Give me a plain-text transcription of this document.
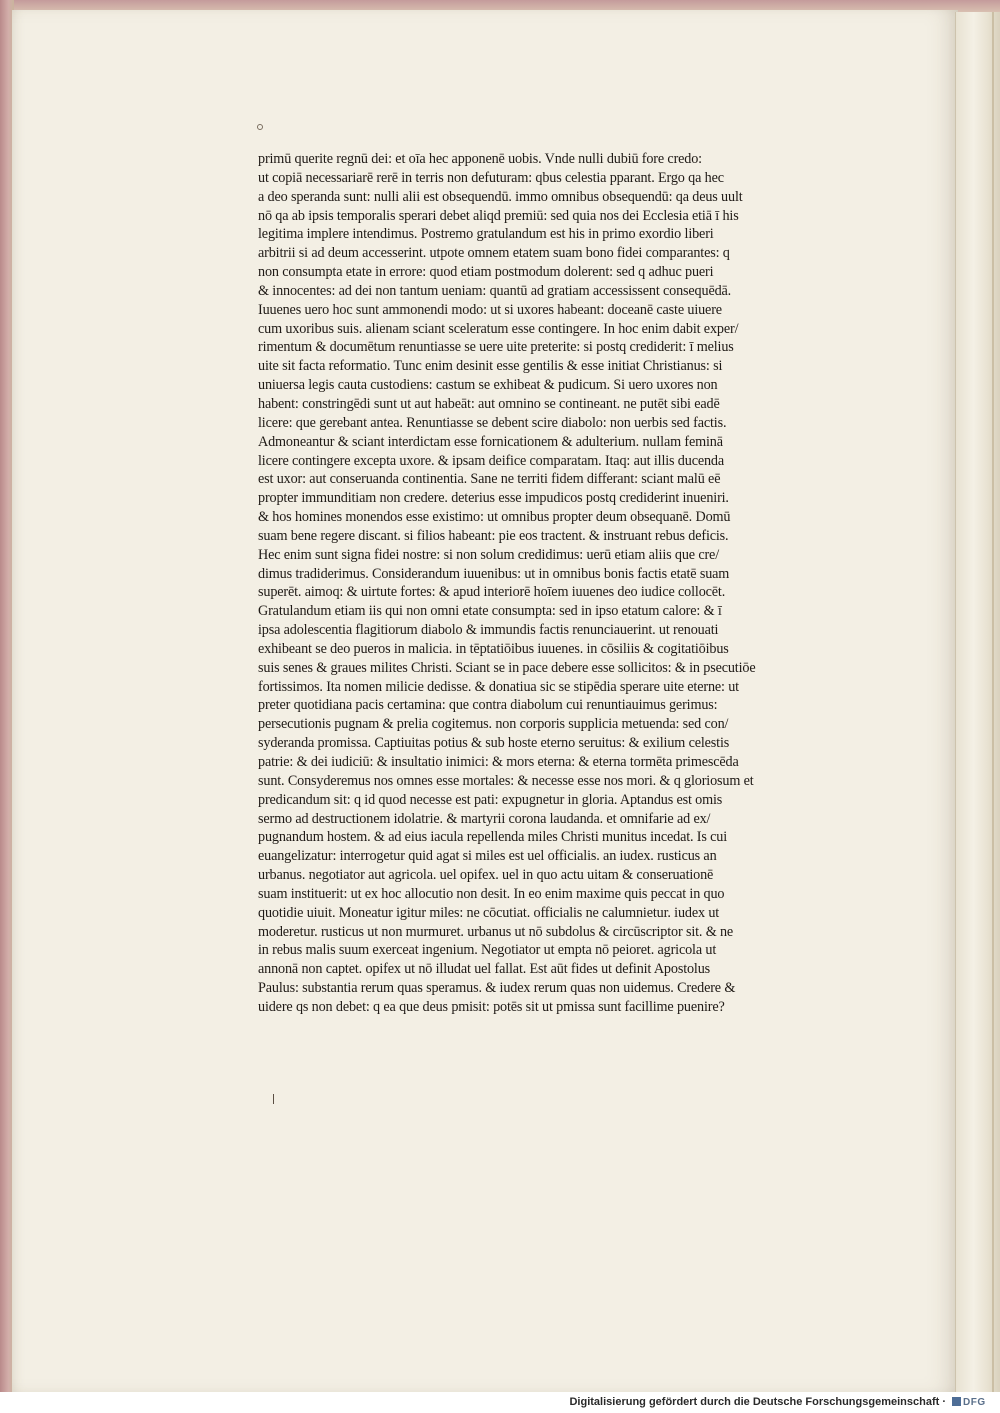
primū querite regnū dei: et oīa hec apponenē uobis. Vnde nulli dubiū fore credo:
ut copiā necessariarē rerē in terris non defuturam: qbus celestia pparant. Ergo qa hec
a deo speranda sunt: nulli alii est obsequendū. immo omnibus obsequendū: qa deus uult
nō qa ab ipsis temporalis sperari debet aliqd premiū: sed quia nos dei Ecclesia etiā ī his
legitima implere intendimus. Postremo gratulandum est his in primo exordio liberi
arbitrii si ad deum accesserint. utpote omnem etatem suam bono fidei comparantes: q
non consumpta etate in errore: quod etiam postmodum dolerent: sed q adhuc pueri
& innocentes: ad dei non tantum ueniam: quantū ad gratiam accessissent consequēdā.
Iuuenes uero hoc sunt ammonendi modo: ut si uxores habeant: doceanē caste uiuere
cum uxoribus suis. alienam sciant sceleratum esse contingere. In hoc enim dabit exper/
rimentum & documētum renuntiasse se uere uite preterite: si postq crediderit: ī melius
uite sit facta reformatio. Tunc enim desinit esse gentilis & esse initiat Christianus: si
uniuersa legis cauta custodiens: castum se exhibeat & pudicum. Si uero uxores non
habent: constringēdi sunt ut aut habeāt: aut omnino se contineant. ne putēt sibi eadē
licere: que gerebant antea. Renuntiasse se debent scire diabolo: non uerbis sed factis.
Admoneantur & sciant interdictam esse fornicationem & adulterium. nullam feminā
licere contingere excepta uxore. & ipsam deifice comparatam. Itaq: aut illis ducenda
est uxor: aut conseruanda continentia. Sane ne territi fidem differant: sciant malū eē
propter immunditiam non credere. deterius esse impudicos postq crediderint inueniri.
& hos homines monendos esse existimo: ut omnibus propter deum obsequanē. Domū
suam bene regere discant. si filios habeant: pie eos tractent. & instruant rebus deficis.
Hec enim sunt signa fidei nostre: si non solum credidimus: uerū etiam aliis que cre/
dimus tradiderimus. Considerandum iuuenibus: ut in omnibus bonis factis etatē suam
superēt. aimoq: & uirtute fortes: & apud interiorē hoīem iuuenes deo iudice collocēt.
Gratulandum etiam iis qui non omni etate consumpta: sed in ipso etatum calore: & ī
ipsa adolescentia flagitiorum diabolo & immundis factis renunciauerint. ut renouati
exhibeant se deo pueros in malicia. in tēptatiōibus iuuenes. in cōsiliis & cogitatiōibus
suis senes & graues milites Christi. Sciant se in pace debere esse sollicitos: & in psecutiōe
fortissimos. Ita nomen milicie dedisse. & donatiua sic se stipēdia sperare uite eterne: ut
preter quotidiana pacis certamina: que contra diabolum cui renuntiauimus gerimus:
persecutionis pugnam & prelia cogitemus. non corporis supplicia metuenda: sed con/
syderanda promissa. Captiuitas potius & sub hoste eterno seruitus: & exilium celestis
patrie: & dei iudiciū: & insultatio inimici: & mors eterna: & eterna tormēta primescēda
sunt. Consyderemus nos omnes esse mortales: & necesse esse nos mori. & q gloriosum et
predicandum sit: q id quod necesse est pati: expugnetur in gloria. Aptandus est omis
sermo ad destructionem idolatrie. & martyrii corona laudanda. et omnifarie ad ex/
pugnandum hostem. & ad eius iacula repellenda miles Christi munitus incedat. Is cui
euangelizatur: interrogetur quid agat si miles est uel officialis. an iudex. rusticus an
urbanus. negotiator aut agricola. uel opifex. uel in quo actu uitam & conseruationē
suam instituerit: ut ex hoc allocutio non desit. In eo enim maxime quis peccat in quo
quotidie uiuit. Moneatur igitur miles: ne cōcutiat. officialis ne calumnietur. iudex ut
moderetur. rusticus ut non murmuret. urbanus ut nō subdolus & circūscriptor sit. & ne
in rebus malis suum exerceat ingenium. Negotiator ut empta nō peioret. agricola ut
annonā non captet. opifex ut nō illudat uel fallat. Est aūt fides ut definit Apostolus
Paulus: substantia rerum quas speramus. & iudex rerum quas non uidemus. Credere &
uidere qs non debet: q ea que deus pmisit: potēs sit ut pmissa sunt facillime puenire?
Digitalisierung gefördert durch die Deutsche Forschungsgemeinschaft ·	DFG
